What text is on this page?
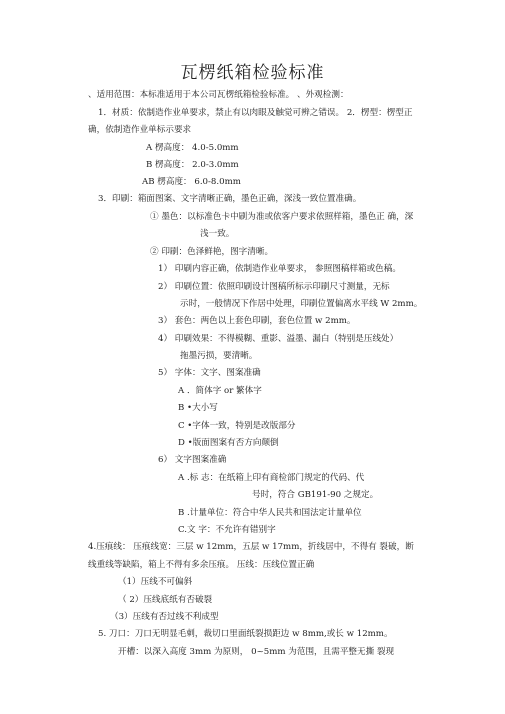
瓦楞纸箱检验标准
、适用范围：本标准适用于本公司瓦楞纸箱检验标准。 、外观检测：
1．材质：依制造作业单要求，禁止有以肉眼及触觉可辨之错误。 2．楞型：楞型正
确，依制造作业单标示要求
A 楞高度： 4.0-5.0mm
B 楞高度： 2.0-3.0mm
AB 楞高度： 6.0-8.0mm
3．印刷：箱面图案、文字清晰正确，墨色正确，深浅一致位置准确。
① 墨色：以标准色卡中刷为准或依客户要求依照样箱，墨色正 确，深
浅一致。
② 印刷：色泽鲜艳，图字清晰。
1） 印刷内容正确，依制造作业单要求， 参照图稿样箱或色稿。
2） 印刷位置：依照印刷设计图稿所标示印刷尺寸测量，无标
示时，一般情况下作居中处理，印刷位置偏离水平线 W 2mm。
3） 套色：两色以上套色印刷，套色位置 w 2mm。
4） 印刷效果：不得模糊、重影、溢墨、漏白（特别是压线处）
拖墨污损，要清晰。
5） 字体：文字、图案准确
A ．简体字 or 繁体字
B •大小写
C •字体一致，特别是改版部分
D •版面图案有否方向颠倒
6） 文字图案准确
A .标 志：在纸箱上印有商检部门规定的代码、代
号时，符合 GB191-90 之规定。
B .计量单位：符合中华人民共和国法定计量单位
C.文 字：不允许有错别字
4.压痕线： 压痕线宽：三层 w 12mm，五层 w 17mm，折线居中，不得有 裂破，断
线重线等缺陷，箱上不得有多余压痕。 压线：压线位置正确
（1）压线不可偏斜
（ 2）压线底纸有否破裂
（3）压线有否过线不利成型
5. 刀口：刀口无明显毛刺，裁切口里面纸裂损距边 w 8mm,或长 w 12mm。
开槽：以深入高度 3mm 为原则， 0~5mm 为范围，且需平整无撕 裂现
